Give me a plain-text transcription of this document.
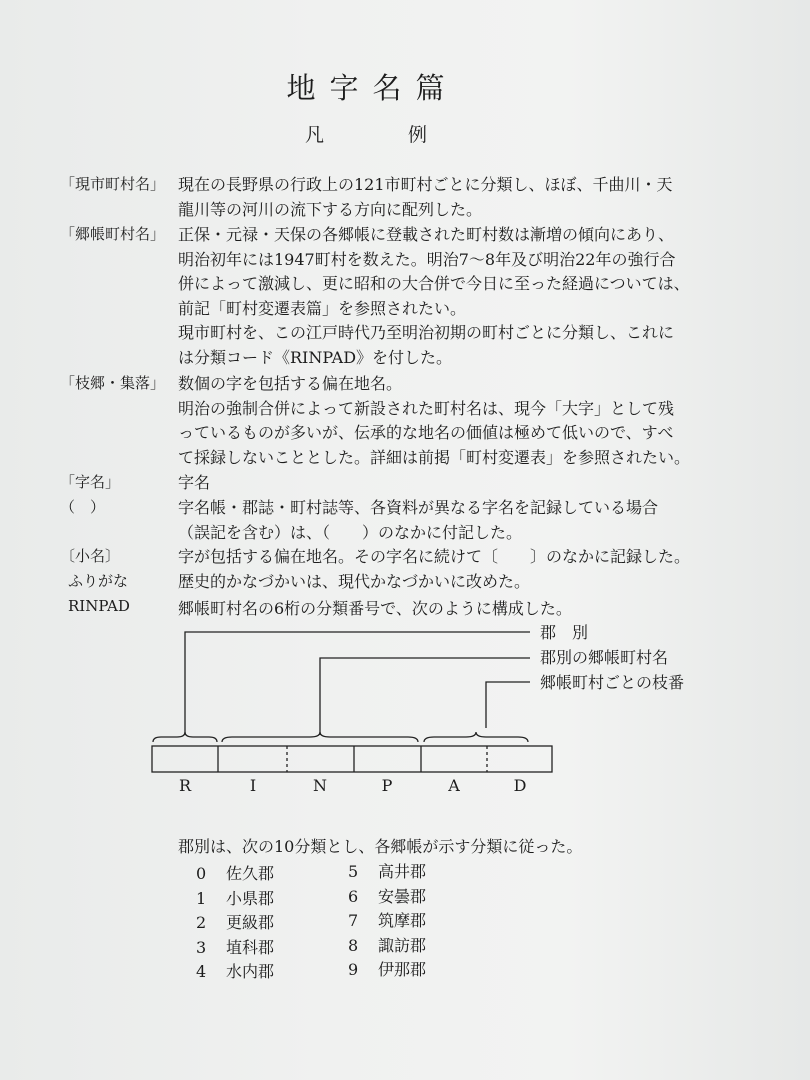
地字名篇
凡	例
「現市町村名」 現在の長野県の行政上の121市町村ごとに分類し、ほぼ、千曲川・天

龍川等の河川の流下する方向に配列した。

「郷帳町村名」 正保・元禄・天保の各郷帳に登載された町村数は漸増の傾向にあり、

明治初年には1947町村を数えた。明治7〜8年及び明治22年の強行合

併によって激減し、更に昭和の大合併で今日に至った経過については、

前記「町村変遷表篇」を参照されたい。

現市町村を、この江戸時代乃至明治初期の町村ごとに分類し、これに

は分類コード《RINPAD》を付した。

「枝郷・集落」 数個の字を包括する偏在地名。

明治の強制合併によって新設された町村名は、現今「大字」として残

っているものが多いが、伝承的な地名の価値は極めて低いので、すべ

て採録しないこととした。詳細は前掲「町村変遷表」を参照されたい。

「字名」	字名

（　）	字名帳・郡誌・町村誌等、各資料が異なる字名を記録している場合

（誤記を含む）は、（　　）のなかに付記した。

〔小名〕	字が包括する偏在地名。その字名に続けて〔　　〕のなかに記録した。

ふりがな	歴史的かなづかいは、現代かなづかいに改めた。

RINPAD	郷帳町村名の6桁の分類番号で、次のように構成した。

郡　別
郡別の郷帳町村名
郷帳町村ごとの枝番
R	I	N	P	A	D
郡別は、次の10分類とし、各郷帳が示す分類に従った。
0 佐久郡
1 小県郡
2 更級郡
3 埴科郡
4 水内郡
5 高井郡
6 安曇郡
7 筑摩郡
8 諏訪郡
9 伊那郡
